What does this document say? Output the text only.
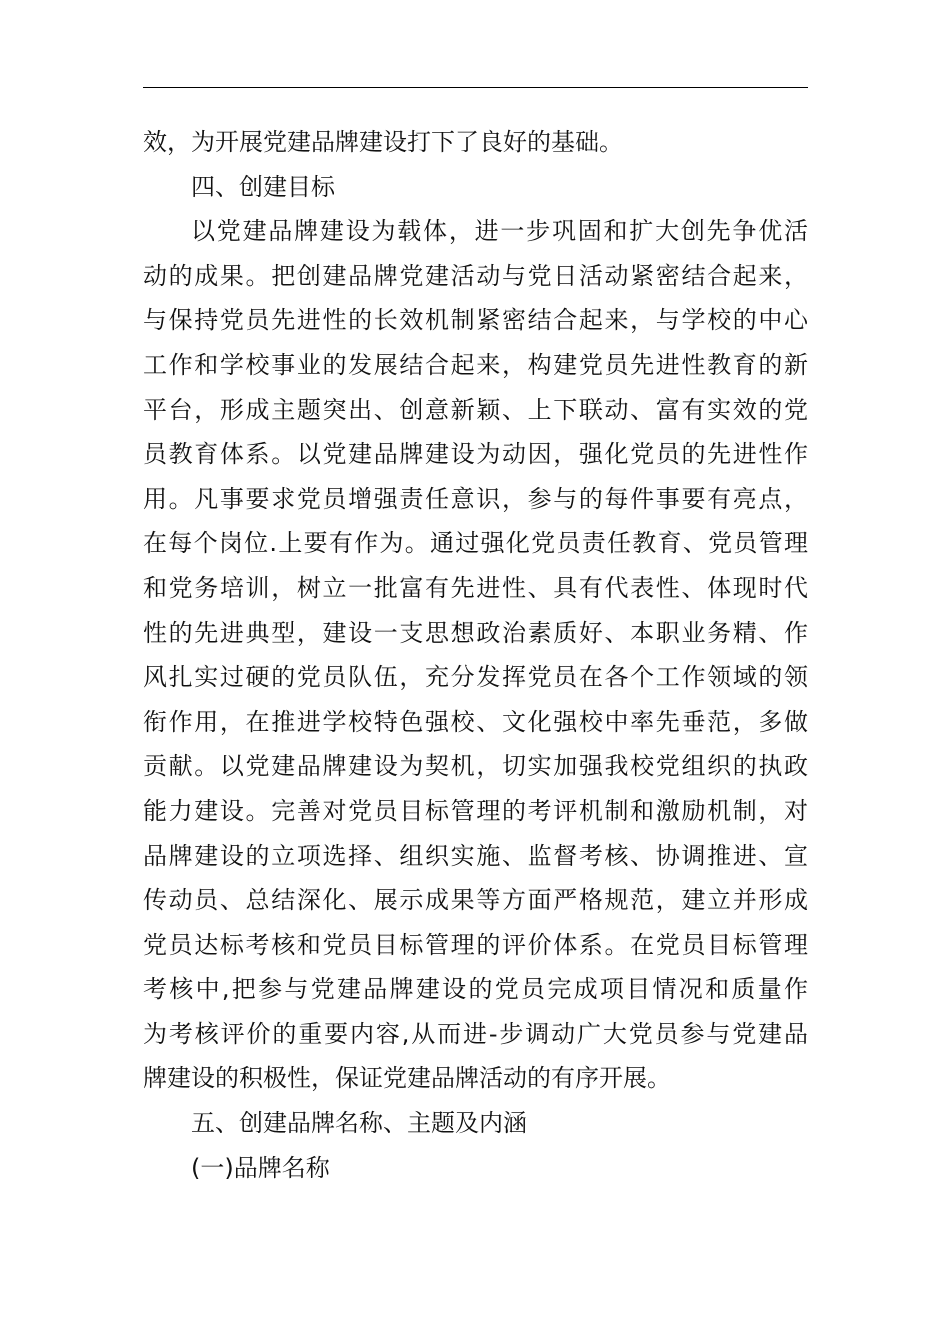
效，为开展党建品牌建设打下了良好的基础。

四、创建目标

以党建品牌建设为载体，进一步巩固和扩大创先争优活
动的成果。把创建品牌党建活动与党日活动紧密结合起来，
与保持党员先进性的长效机制紧密结合起来，与学校的中心
工作和学校事业的发展结合起来，构建党员先进性教育的新
平台，形成主题突出、创意新颖、上下联动、富有实效的党
员教育体系。以党建品牌建设为动因，强化党员的先进性作
用。凡事要求党员增强责任意识，参与的每件事要有亮点，
在每个岗位.上要有作为。通过强化党员责任教育、党员管理
和党务培训，树立一批富有先进性、具有代表性、体现时代
性的先进典型，建设一支思想政治素质好、本职业务精、作
风扎实过硬的党员队伍，充分发挥党员在各个工作领域的领
衔作用，在推进学校特色强校、文化强校中率先垂范，多做
贡献。以党建品牌建设为契机，切实加强我校党组织的执政
能力建设。完善对党员目标管理的考评机制和激励机制，对
品牌建设的立项选择、组织实施、监督考核、协调推进、宣
传动员、总结深化、展示成果等方面严格规范，建立并形成
党员达标考核和党员目标管理的评价体系。在党员目标管理
考核中,把参与党建品牌建设的党员完成项目情况和质量作
为考核评价的重要内容,从而进-步调动广大党员参与党建品
牌建设的积极性，保证党建品牌活动的有序开展。

五、创建品牌名称、主题及内涵

(一)品牌名称
